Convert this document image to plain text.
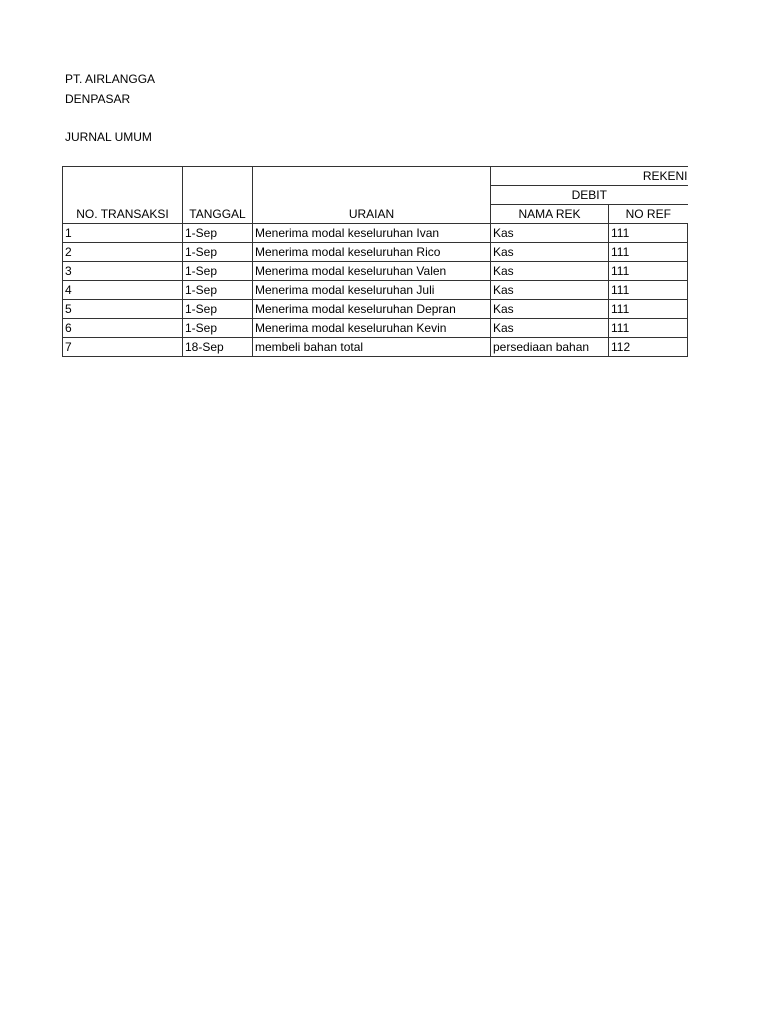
PT. AIRLANGGA
DENPASAR
JURNAL UMUM
NO. TRANSAKSI	TANGGAL	URAIAN	REKENI	
			DEBIT	
			NAMA REK	NO REF
1	1-Sep	Menerima modal keseluruhan Ivan	Kas	111
2	1-Sep	Menerima modal keseluruhan Rico	Kas	111
3	1-Sep	Menerima modal keseluruhan Valen	Kas	111
4	1-Sep	Menerima modal keseluruhan Juli	Kas	111
5	1-Sep	Menerima modal keseluruhan Depran	Kas	111
6	1-Sep	Menerima modal keseluruhan Kevin	Kas	111
7	18-Sep	membeli bahan total	persediaan bahan	112
